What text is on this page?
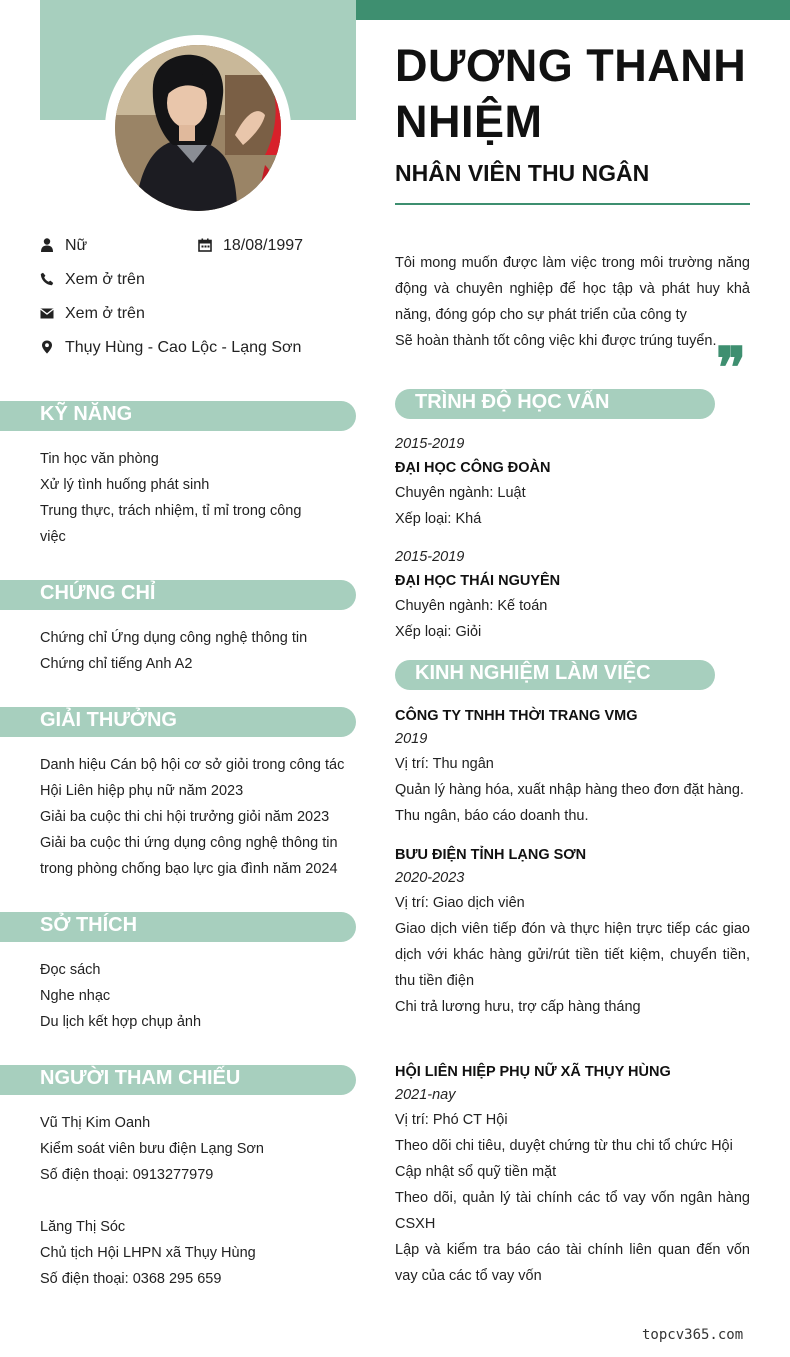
DƯƠNG THANH NHIỆM
NHÂN VIÊN THU NGÂN
Nữ	18/08/1997
Xem ở trên
Xem ở trên
Thụy Hùng - Cao Lộc - Lạng Sơn
Tôi mong muốn được làm việc trong môi trường năng động và chuyên nghiệp để học tập và phát huy khả năng, đóng góp cho sự phát triển của công ty
Sẽ hoàn thành tốt công việc khi được trúng tuyển. ❞
KỸ NĂNG
Tin học văn phòng
Xử lý tình huống phát sinh
Trung thực, trách nhiệm, tỉ mỉ trong công việc
CHỨNG CHỈ
Chứng chỉ Ứng dụng công nghệ thông tin
Chứng chỉ tiếng Anh A2
GIẢI THƯỞNG
Danh hiệu Cán bộ hội cơ sở giỏi trong công tác Hội Liên hiệp phụ nữ năm 2023
Giải ba cuộc thi chi hội trưởng giỏi năm 2023
Giải ba cuộc thi ứng dụng công nghệ thông tin trong phòng chống bạo lực gia đình năm 2024
SỞ THÍCH
Đọc sách
Nghe nhạc
Du lịch kết hợp chụp ảnh
NGƯỜI THAM CHIẾU
Vũ Thị Kim Oanh
Kiểm soát viên bưu điện Lạng Sơn
Số điện thoại: 0913277979
Lăng Thị Sóc
Chủ tịch Hội LHPN xã Thụy Hùng
Số điện thoại: 0368 295 659
TRÌNH ĐỘ HỌC VẤN
2015-2019
ĐẠI HỌC CÔNG ĐOÀN
Chuyên ngành: Luật
Xếp loại: Khá
2015-2019
ĐẠI HỌC THÁI NGUYÊN
Chuyên ngành: Kế toán
Xếp loại: Giỏi
KINH NGHIỆM LÀM VIỆC
CÔNG TY TNHH THỜI TRANG VMG
2019
Vị trí: Thu ngân
Quản lý hàng hóa, xuất nhập hàng theo đơn đặt hàng.
Thu ngân, báo cáo doanh thu.
BƯU ĐIỆN TỈNH LẠNG SƠN
2020-2023
Vị trí: Giao dịch viên
Giao dịch viên tiếp đón và thực hiện trực tiếp các giao dịch với khác hàng gửi/rút tiền tiết kiệm, chuyển tiền, thu tiền điện
Chi trả lương hưu, trợ cấp hàng tháng
HỘI LIÊN HIỆP PHỤ NỮ XÃ THỤY HÙNG
2021-nay
Vị trí: Phó CT Hội
Theo dõi chi tiêu, duyệt chứng từ thu chi tổ chức Hội
Cập nhật sổ quỹ tiền mặt
Theo dõi, quản lý tài chính các tổ vay vốn ngân hàng CSXH
Lập và kiểm tra báo cáo tài chính liên quan đến vốn vay của các tổ vay vốn
topcv365.com
